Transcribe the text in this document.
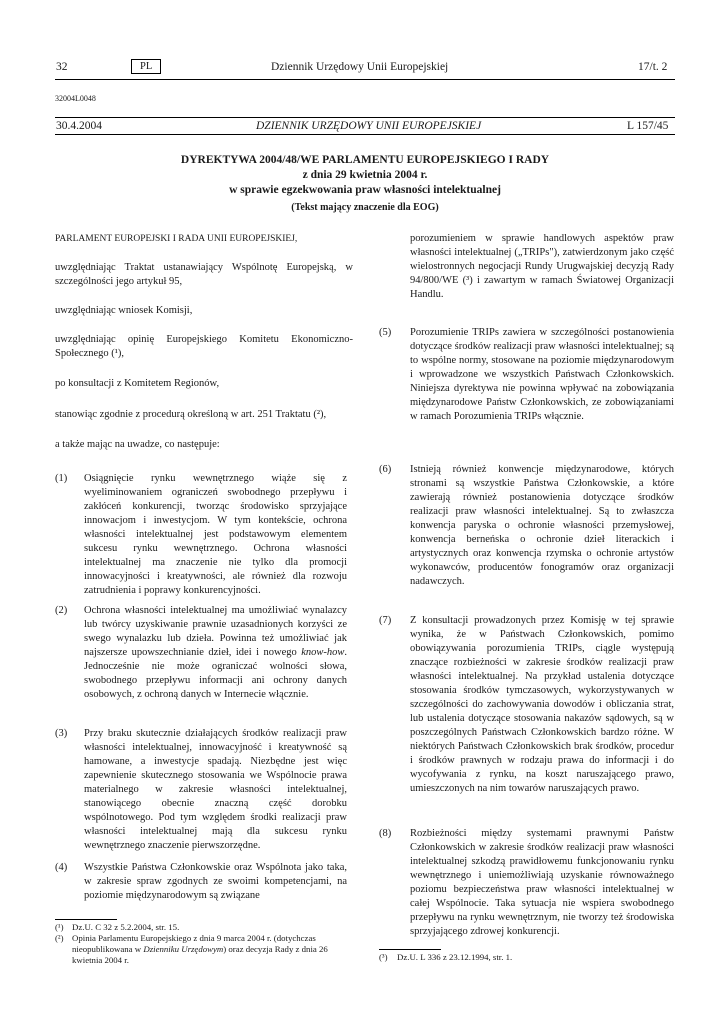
32	PL	Dziennik Urzędowy Unii Europejskiej	17/t. 2
32004L0048
30.4.2004	DZIENNIK URZĘDOWY UNII EUROPEJSKIEJ	L 157/45
DYREKTYWA 2004/48/WE PARLAMENTU EUROPEJSKIEGO I RADY
z dnia 29 kwietnia 2004 r.
w sprawie egzekwowania praw własności intelektualnej
(Tekst mający znaczenie dla EOG)
PARLAMENT EUROPEJSKI I RADA UNII EUROPEJSKIEJ,
uwzględniając Traktat ustanawiający Wspólnotę Europejską, w szczególności jego artykuł 95,
uwzględniając wniosek Komisji,
uwzględniając opinię Europejskiego Komitetu Ekonomiczno-Społecznego (¹),
po konsultacji z Komitetem Regionów,
stanowiąc zgodnie z procedurą określoną w art. 251 Traktatu (²),
a także mając na uwadze, co następuje:
(1) Osiągnięcie rynku wewnętrznego wiąże się z wyeliminowaniem ograniczeń swobodnego przepływu i zakłóceń konkurencji, tworząc środowisko sprzyjające innowacjom i inwestycjom. W tym kontekście, ochrona własności intelektualnej jest podstawowym elementem sukcesu rynku wewnętrznego. Ochrona własności intelektualnej ma znaczenie nie tylko dla promocji innowacyjności i kreatywności, ale również dla rozwoju zatrudnienia i poprawy konkurencyjności.
(2) Ochrona własności intelektualnej ma umożliwiać wynalazcy lub twórcy uzyskiwanie prawnie uzasadnionych korzyści ze swego wynalazku lub dzieła. Powinna też umożliwiać jak najszersze upowszechnianie dzieł, idei i nowego know-how. Jednocześnie nie może ograniczać wolności słowa, swobodnego przepływu informacji ani ochrony danych osobowych, z ochroną danych w Internecie włącznie.
(3) Przy braku skutecznie działających środków realizacji praw własności intelektualnej, innowacyjność i kreatywność są hamowane, a inwestycje spadają. Niezbędne jest więc zapewnienie skutecznego stosowania we Wspólnocie prawa materialnego w zakresie własności intelektualnej, stanowiącego obecnie znaczną część dorobku wspólnotowego. Pod tym względem środki realizacji praw własności intelektualnej mają dla sukcesu rynku wewnętrznego znaczenie pierwszorzędne.
(4) Wszystkie Państwa Członkowskie oraz Wspólnota jako taka, w zakresie spraw zgodnych ze swoimi kompetencjami, na poziomie międzynarodowym są związane
(¹) Dz.U. C 32 z 5.2.2004, str. 15.
(²) Opinia Parlamentu Europejskiego z dnia 9 marca 2004 r. (dotychczas nieopublikowana w Dzienniku Urzędowym) oraz decyzja Rady z dnia 26 kwietnia 2004 r.
porozumieniem w sprawie handlowych aspektów praw własności intelektualnej („TRIPs"), zatwierdzonym jako część wielostronnych negocjacji Rundy Urugwajskiej decyzją Rady 94/800/WE (³) i zawartym w ramach Światowej Organizacji Handlu.
(5) Porozumienie TRIPs zawiera w szczególności postanowienia dotyczące środków realizacji praw własności intelektualnej; są to wspólne normy, stosowane na poziomie międzynarodowym i wprowadzone we wszystkich Państwach Członkowskich. Niniejsza dyrektywa nie powinna wpływać na zobowiązania międzynarodowe Państw Członkowskich, ze zobowiązaniami w ramach Porozumienia TRIPs włącznie.
(6) Istnieją również konwencje międzynarodowe, których stronami są wszystkie Państwa Członkowskie, a które zawierają również postanowienia dotyczące środków realizacji praw własności intelektualnej. Są to zwłaszcza konwencja paryska o ochronie własności przemysłowej, konwencja berneńska o ochronie dzieł literackich i artystycznych oraz konwencja rzymska o ochronie artystów wykonawców, producentów fonogramów oraz organizacji nadawczych.
(7) Z konsultacji prowadzonych przez Komisję w tej sprawie wynika, że w Państwach Członkowskich, pomimo obowiązywania porozumienia TRIPs, ciągle występują znaczące rozbieżności w zakresie środków realizacji praw własności intelektualnej. Na przykład ustalenia dotyczące stosowania środków tymczasowych, wykorzystywanych w szczególności do zachowywania dowodów i obliczania strat, lub ustalenia dotyczące stosowania nakazów sądowych, są w poszczególnych Państwach Członkowskich bardzo różne. W niektórych Państwach Członkowskich brak środków, procedur i środków prawnych w rodzaju prawa do informacji i do wycofywania z rynku, na koszt naruszającego prawo, umieszczonych na nim towarów naruszających prawo.
(8) Rozbieżności między systemami prawnymi Państw Członkowskich w zakresie środków realizacji praw własności intelektualnej szkodzą prawidłowemu funkcjonowaniu rynku wewnętrznego i uniemożliwiają uzyskanie równoważnego poziomu bezpieczeństwa praw własności intelektualnej w całej Wspólnocie. Taka sytuacja nie wspiera swobodnego przepływu na rynku wewnętrznym, nie tworzy też środowiska sprzyjającego zdrowej konkurencji.
(³) Dz.U. L 336 z 23.12.1994, str. 1.
